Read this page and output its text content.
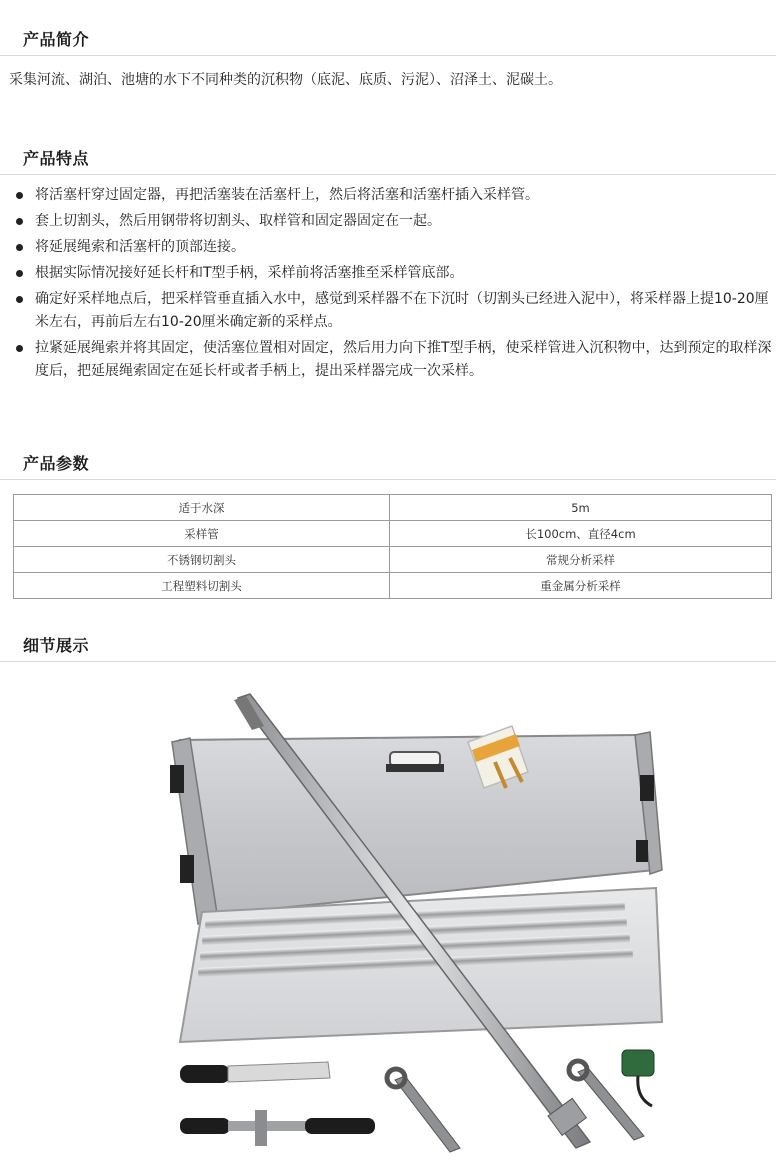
产品简介
采集河流、湖泊、池塘的水下不同种类的沉积物（底泥、底质、污泥）、沼泽土、泥碳土。
产品特点
将活塞杆穿过固定器，再把活塞装在活塞杆上，然后将活塞和活塞杆插入采样管。
套上切割头，然后用钢带将切割头、取样管和固定器固定在一起。
将延展绳索和活塞杆的顶部连接。
根据实际情况接好延长杆和T型手柄，采样前将活塞推至采样管底部。
确定好采样地点后，把采样管垂直插入水中，感觉到采样器不在下沉时（切割头已经进入泥中），将采样器上提10-20厘米左右，再前后左右10-20厘米确定新的采样点。
拉紧延展绳索并将其固定，使活塞位置相对固定，然后用力向下推T型手柄，使采样管进入沉积物中，达到预定的取样深度后，把延展绳索固定在延长杆或者手柄上，提出采样器完成一次采样。
产品参数
适于水深	5m
采样管	长100cm、直径4cm
不锈钢切割头	常规分析采样
工程塑料切割头	重金属分析采样
细节展示
